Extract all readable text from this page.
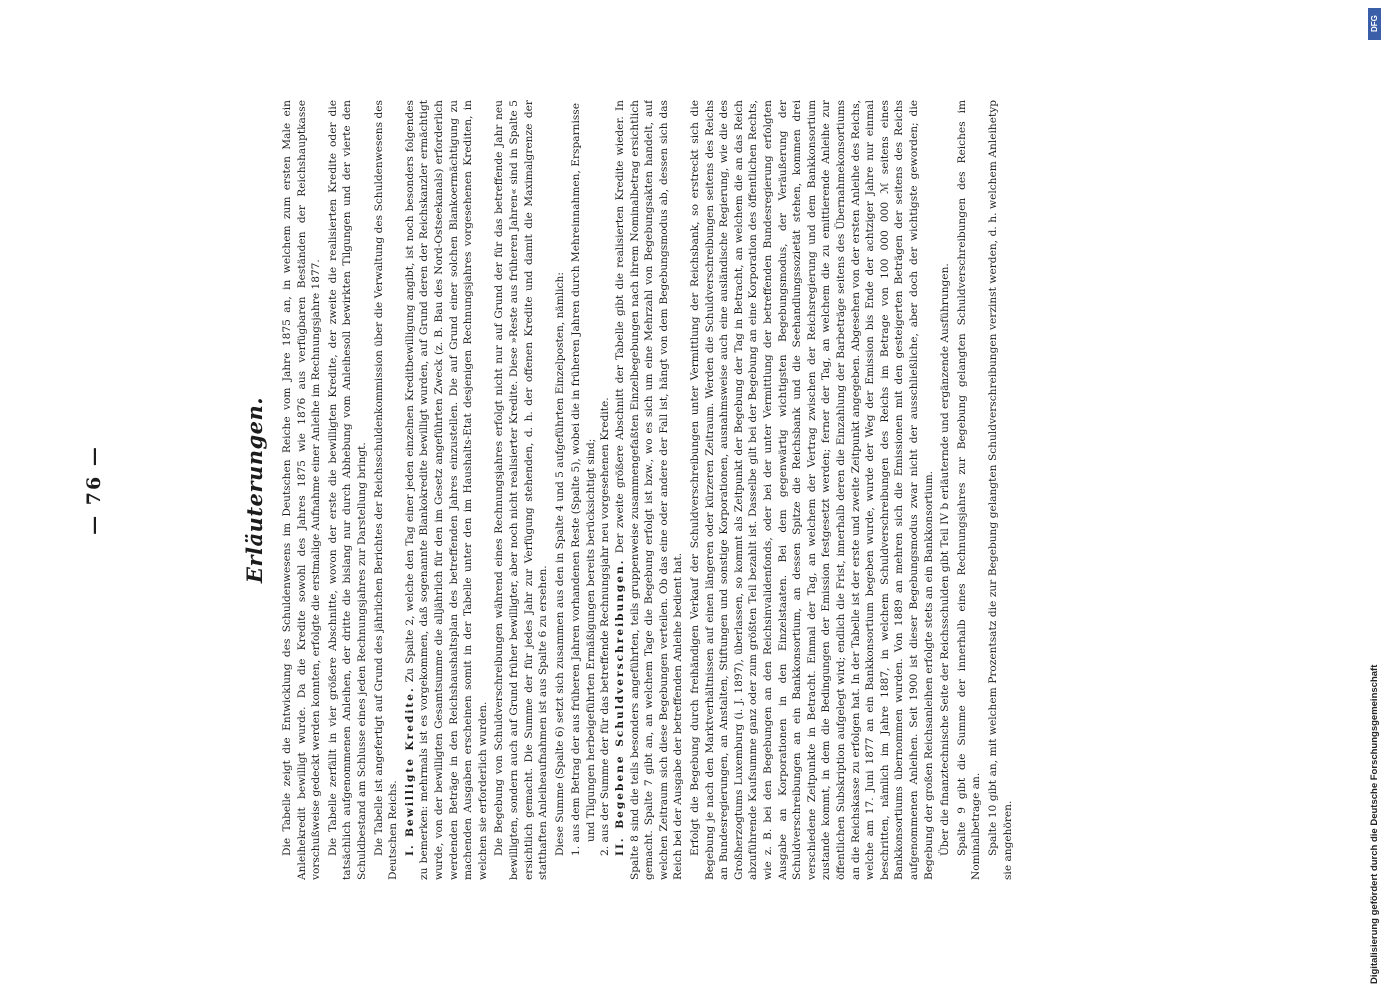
— 76 —	Erläuterungen. Die Tabelle zeigt die Entwicklung des Schuldenwesens im Deutschen Reiche vom Jahre 1875 an, in welchem zum ersten Male ein Anleihekredit bewilligt wurde. Da die Kredite sowohl des Jahres 1875 wie 1876 aus verfügbaren Beständen der Reichshauptkasse vorschußweise gedeckt werden konnten, erfolgte die erstmalige Aufnahme einer Anleihe im Rechnungsjahre 1877. Die Tabelle zerfällt in vier größere Abschnitte, wovon der erste die bewilligten Kredite, der zweite die realisierten Kredite oder die tatsächlich aufgenommenen Anleihen, der dritte die bislang nur durch Abhebung vom Anleihesoll bewirkten Tilgungen und der vierte den Schuldbestand am Schlusse eines jeden Rechnungsjahres zur Darstellung bringt. Die Tabelle ist angefertigt auf Grund des jährlichen Berichtes der Reichsschuldenkommission über die Verwaltung des Schuldenwesens des Deutschen Reichs. I. Bewilligte Kredite. Zu Spalte 2, welche den Tag einer jeden einzelnen Kreditbewilligung angibt, ist noch besonders folgendes zu bemerken: mehrmals ist es vorgekommen, daß sogenannte Blankokredite bewilligt wurden, auf Grund deren der Reichskanzler ermächtigt wurde, von der bewilligten Gesamtsumme die alljährlich für den im Gesetz angeführten Zweck (z. B. Bau des Nord-Ostseekanals) erforderlich werdenden Beträge in den Reichshaushaltsplan des betreffenden Jahres einzustellen. Die auf Grund einer solchen Blankoermächtigung zu machenden Ausgaben erscheinen somit in der Tabelle unter den im Haushalts-Etat desjenigen Rechnungsjahres vorgesehenen Krediten, in welchen sie erforderlich wurden. Die Begebung von Schuldverschreibungen während eines Rechnungsjahres erfolgt nicht nur auf Grund der für das betreffende Jahr neu bewilligten, sondern auch auf Grund früher bewilligter, aber noch nicht realisierter Kredite. Diese »Reste aus früheren Jahren« sind in Spalte 5 ersichtlich gemacht. Die Summe der für jedes Jahr zur Verfügung stehenden, d. h. der offenen Kredite und damit die Maximalgrenze der statthaften Anleiheaufnahmen ist aus Spalte 6 zu ersehen. Diese Summe (Spalte 6) setzt sich zusammen aus den in Spalte 4 und 5 aufgeführten Einzelposten, nämlich: 1. aus dem Betrag der aus früheren Jahren vorhandenen Reste (Spalte 5), wobei die in früheren Jahren durch Mehreinnahmen, Ersparnisse und Tilgungen herbeigeführten Ermäßigungen bereits berücksichtigt sind; 2. aus der Summe der für das betreffende Rechnungsjahr neu vorgesehenen Kredite. II. Begebene Schuldverschreibungen. Der zweite größere Abschnitt der Tabelle gibt die realisierten Kredite wieder. In Spalte 8 sind die teils besonders angeführten, teils gruppenweise zusammengefaßten Einzelbegebungen nach ihrem Nominalbetrag ersichtlich gemacht. Spalte 7 gibt an, an welchem Tage die Begebung erfolgt ist bzw., wo es sich um eine Mehrzahl von Begebungsakten handelt, auf welchen Zeitraum sich diese Begebungen verteilen. Ob das eine oder andere der Fall ist, hängt von dem Begebungsmodus ab, dessen sich das Reich bei der Ausgabe der betreffenden Anleihe bedient hat. Erfolgt die Begebung durch freihändigen Verkauf der Schuldverschreibungen unter Vermittlung der Reichsbank, so erstreckt sich die Begebung je nach den Marktverhältnissen auf einen längeren oder kürzeren Zeitraum. Werden die Schuldverschreibungen seitens des Reichs an Bundesregierungen, an Anstalten, Stiftungen und sonstige Korporationen, ausnahmsweise auch eine ausländische Regierung, wie die des Großherzogtums Luxemburg (i. J. 1897), überlassen, so kommt als Zeitpunkt der Begebung der Tag in Betracht, an welchem die an das Reich abzuführende Kaufsumme ganz oder zum größten Teil bezahlt ist. Dasselbe gilt bei der Begebung an eine Korporation des öffentlichen Rechts, wie z. B. bei den Begebungen an den Reichsinvalidenfonds, oder bei der unter Vermittlung der betreffenden Bundesregierung erfolgten Ausgabe an Korporationen in den Einzelstaaten. Bei dem gegenwärtig wichtigsten Begebungsmodus, der Veräußerung der Schuldverschreibungen an ein Bankkonsortium, an dessen Spitze die Reichsbank und die Seehandlungssozietät stehen, kommen drei verschiedene Zeitpunkte in Betracht. Einmal der Tag, an welchem der Vertrag zwischen der Reichsregierung und dem Bankkonsortium zustande kommt, in dem die Bedingungen der Emission festgesetzt werden; ferner der Tag, an welchem die zu emittierende Anleihe zur öffentlichen Subskription aufgelegt wird; endlich die Frist, innerhalb deren die Einzahlung der Barbeträge seitens des Übernahmekonsortiums an die Reichskasse zu erfolgen hat. In der Tabelle ist der erste und zweite Zeitpunkt angegeben. Abgesehen von der ersten Anleihe des Reichs, welche am 17. Juni 1877 an ein Bankkonsortium begeben wurde, wurde der Weg der Emission bis Ende der achtziger Jahre nur einmal beschritten, nämlich im Jahre 1887, in welchem Schuldverschreibungen des Reichs im Betrage von 100 000 000 ℳ seitens eines Bankkonsortiums übernommen wurden. Von 1889 an mehren sich die Emissionen mit den gesteigerten Beträgen der seitens des Reichs aufgenommenen Anleihen. Seit 1900 ist dieser Begebungsmodus zwar nicht der ausschließliche, aber doch der wichtigste geworden; die Begebung der großen Reichsanleihen erfolgte stets an ein Bankkonsortium. Über die finanztechnische Seite der Reichsschulden gibt Teil IV b erläuternde und ergänzende Ausführungen. Spalte 9 gibt die Summe der innerhalb eines Rechnungsjahres zur Begebung gelangten Schuldverschreibungen des Reiches im Nominalbetrage an. Spalte 10 gibt an, mit welchem Prozentsatz die zur Begebung gelangten Schuldverschreibungen verzinst werden, d. h. welchem Anleihetyp sie angehören.

DFG
Digitalisierung gefördert durch die Deutsche Forschungsgemeinschaft
